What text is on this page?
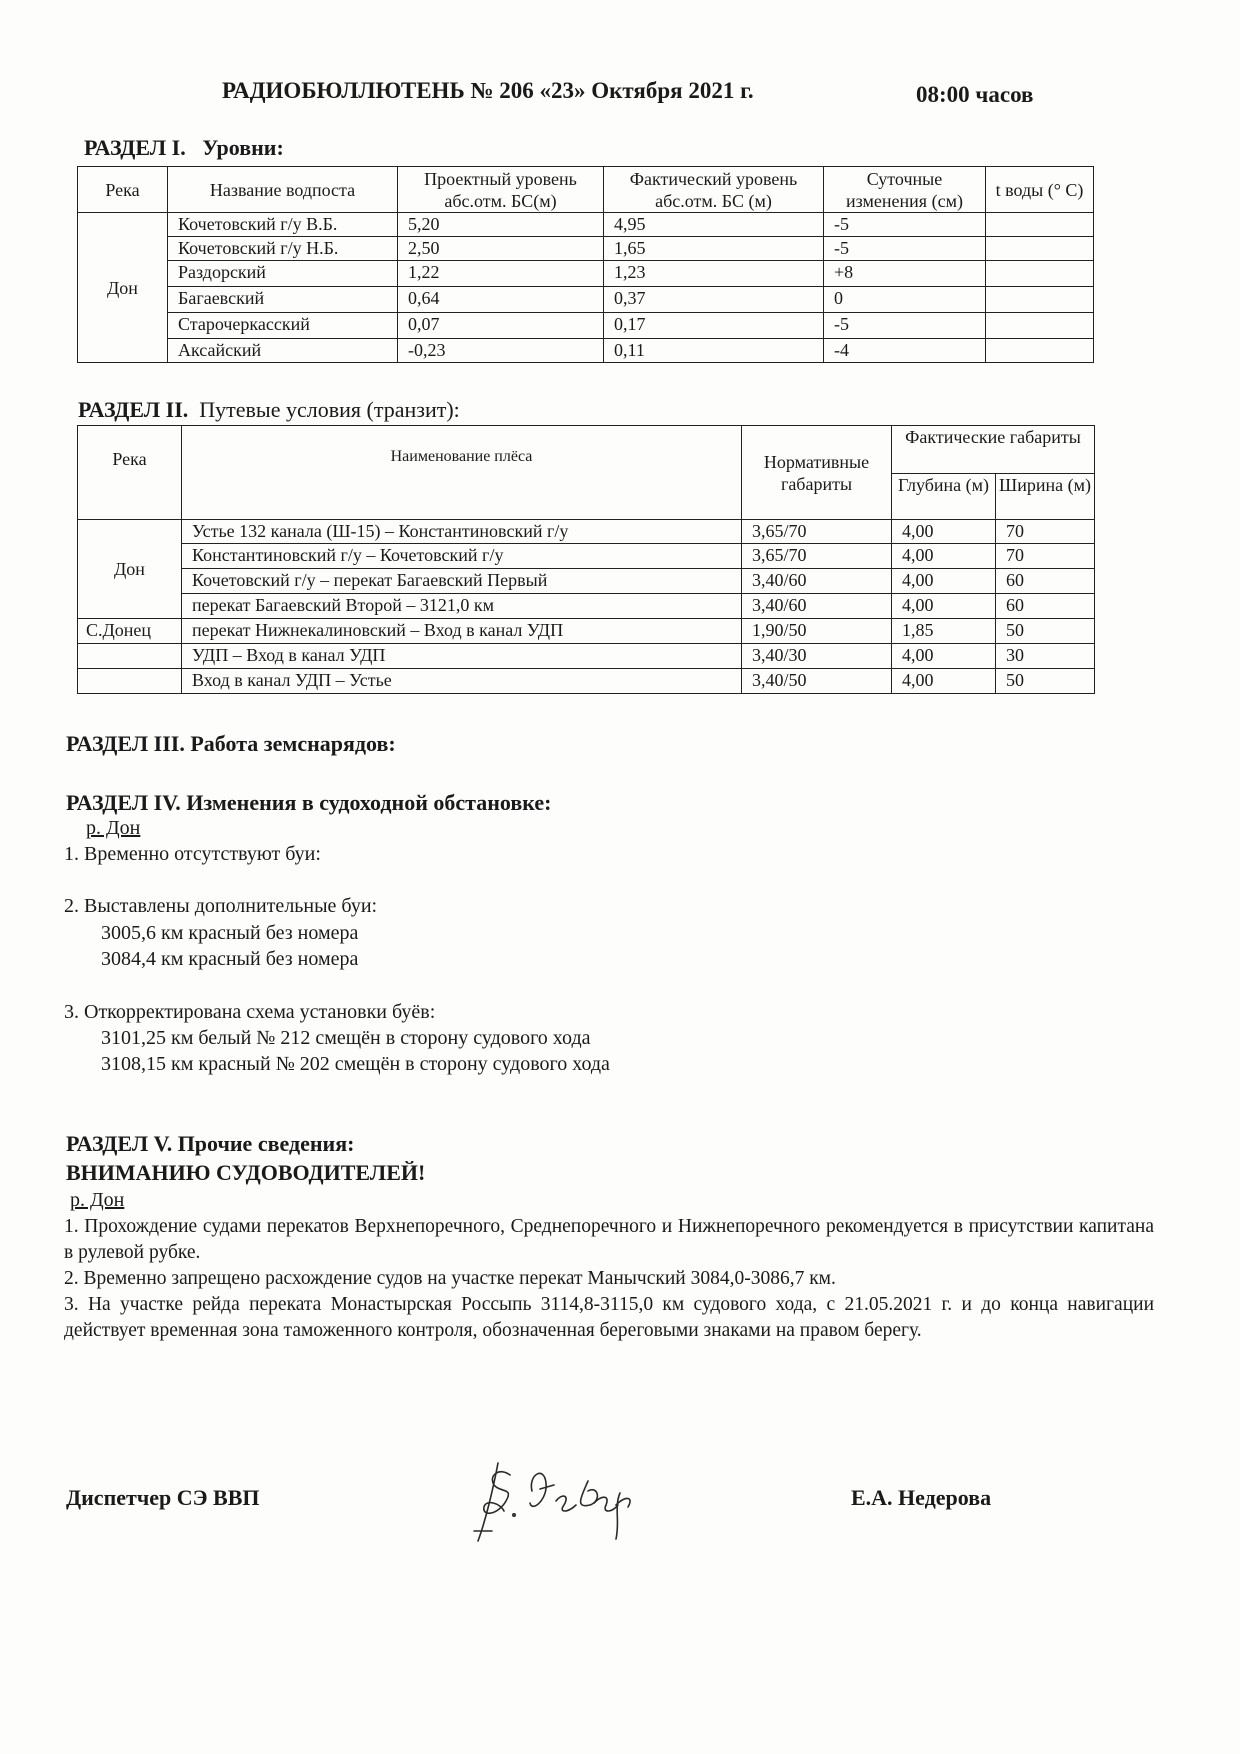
РАДИОБЮЛЛЮТЕНЬ № 206 «23» Октября 2021 г.	08:00 часов
РАЗДЕЛ I. Уровни:
Река	Название водпоста	Проектный уровень абс.отм. БС(м)	Фактический уровень абс.отм. БС (м)	Суточные изменения (см)	t воды (° С)
Дон	Кочетовский г/у В.Б.	5,20	4,95	-5	
	Кочетовский г/у Н.Б.	2,50	1,65	-5	
	Раздорский	1,22	1,23	+8	
	Багаевский	0,64	0,37	0	
	Старочеркасский	0,07	0,17	-5	
	Аксайский	-0,23	0,11	-4	
РАЗДЕЛ II. Путевые условия (транзит):
Река	Наименование плёса	Нормативные габариты	Фактические габариты	
			Глубина (м)	Ширина (м)
Дон	Устье 132 канала (Ш-15) – Константиновский г/у	3,65/70	4,00	70
	Константиновский г/у – Кочетовский г/у	3,65/70	4,00	70
	Кочетовский г/у – перекат Багаевский Первый	3,40/60	4,00	60
	перекат Багаевский Второй – 3121,0 км	3,40/60	4,00	60
С.Донец	перекат Нижнекалиновский – Вход в канал УДП	1,90/50	1,85	50
	УДП – Вход в канал УДП	3,40/30	4,00	30
	Вход в канал УДП – Устье	3,40/50	4,00	50
РАЗДЕЛ III. Работа земснарядов:
РАЗДЕЛ IV. Изменения в судоходной обстановке:
р. Дон
1. Временно отсутствуют буи:
2. Выставлены дополнительные буи:
3005,6 км красный без номера
3084,4 км красный без номера
3. Откорректирована схема установки буёв:
3101,25 км белый № 212 смещён в сторону судового хода
3108,15 км красный № 202 смещён в сторону судового хода
РАЗДЕЛ V. Прочие сведения:
ВНИМАНИЮ СУДОВОДИТЕЛЕЙ!
р. Дон
1. Прохождение судами перекатов Верхнепоречного, Среднепоречного и Нижнепоречного рекомендуется в присутствии капитана в рулевой рубке.
2. Временно запрещено расхождение судов на участке перекат Манычский 3084,0-3086,7 км.
3. На участке рейда переката Монастырская Россыпь 3114,8-3115,0 км судового хода, с 21.05.2021 г. и до конца навигации действует временная зона таможенного контроля, обозначенная береговыми знаками на правом берегу.
Диспетчер СЭ ВВП	Е.А. Недерова
